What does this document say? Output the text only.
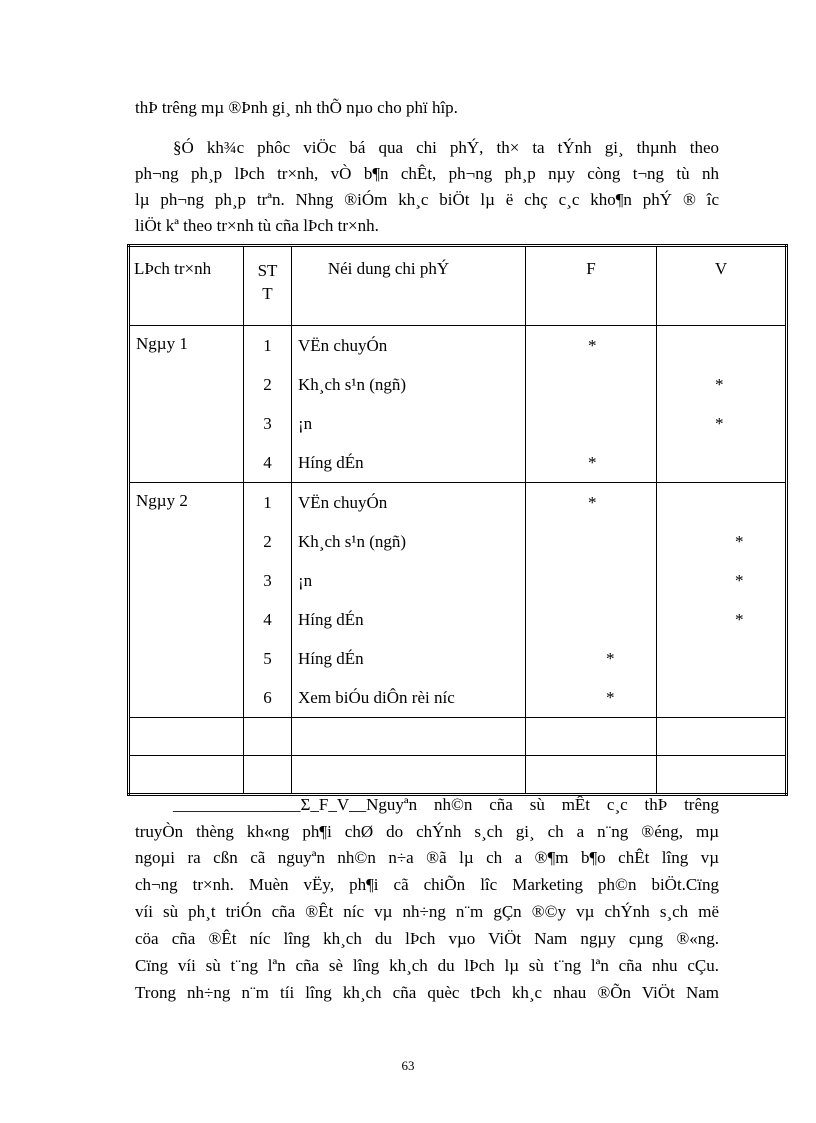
thÞ trêng mµ ®Þnh gi¸ nh thÕ nµo cho phï hîp.
§Ó kh¾c phôc viÖc bá qua chi phÝ, th× ta tÝnh gi¸ thµnh theo
ph¬ng ph¸p lÞch tr×nh, vÒ b¶n chÊt, ph¬ng ph¸p nµy còng t¬ng tù nh
lµ ph¬ng ph¸p trªn. Nhng ®iÓm kh¸c biÖt lµ ë chç c¸c kho¶n phÝ ® îc
liÖt kª theo tr×nh tù cña lÞch tr×nh.
LÞch tr×nh	ST T	Néi dung chi phÝ	F	V
Ngµy 1	1	VËn chuyÓn	*	
	2	Kh¸ch s¹n (ngñ)		*
	3	¡n		*
	4	Híng dÉn	*	
Ngµy 2	1	VËn chuyÓn	*	
	2	Kh¸ch s¹n (ngñ)		*
	3	¡n		*
	4	Híng dÉn		*
	5	Híng dÉn	*	
	6	Xem biÓu diÔn rèi níc	*	

_______________Σ_F_V__Nguyªn nh©n cña sù mÊt c¸c thÞ trêng
truyÒn thèng kh«ng ph¶i chØ do chÝnh s¸ch gi¸ ch a n¨ng ®éng, mµ
ngoµi ra cßn cã nguyªn nh©n n÷a ®ã lµ ch a ®¶m b¶o chÊt lîng vµ
ch¬ng tr×nh. Muèn vËy, ph¶i cã chiÕn lîc Marketing ph©n biÖt.Cïng
víi sù ph¸t triÓn cña ®Êt níc vµ nh÷ng n¨m gÇn ®©y vµ chÝnh s¸ch më
cöa cña ®Êt níc lîng kh¸ch du lÞch vµo ViÖt Nam ngµy cµng ®«ng.
Cïng víi sù t¨ng lªn cña sè lîng kh¸ch du lÞch lµ sù t¨ng lªn cña nhu cÇu.
Trong nh÷ng n¨m tíi lîng kh¸ch cña quèc tÞch kh¸c nhau ®Õn ViÖt Nam
63
